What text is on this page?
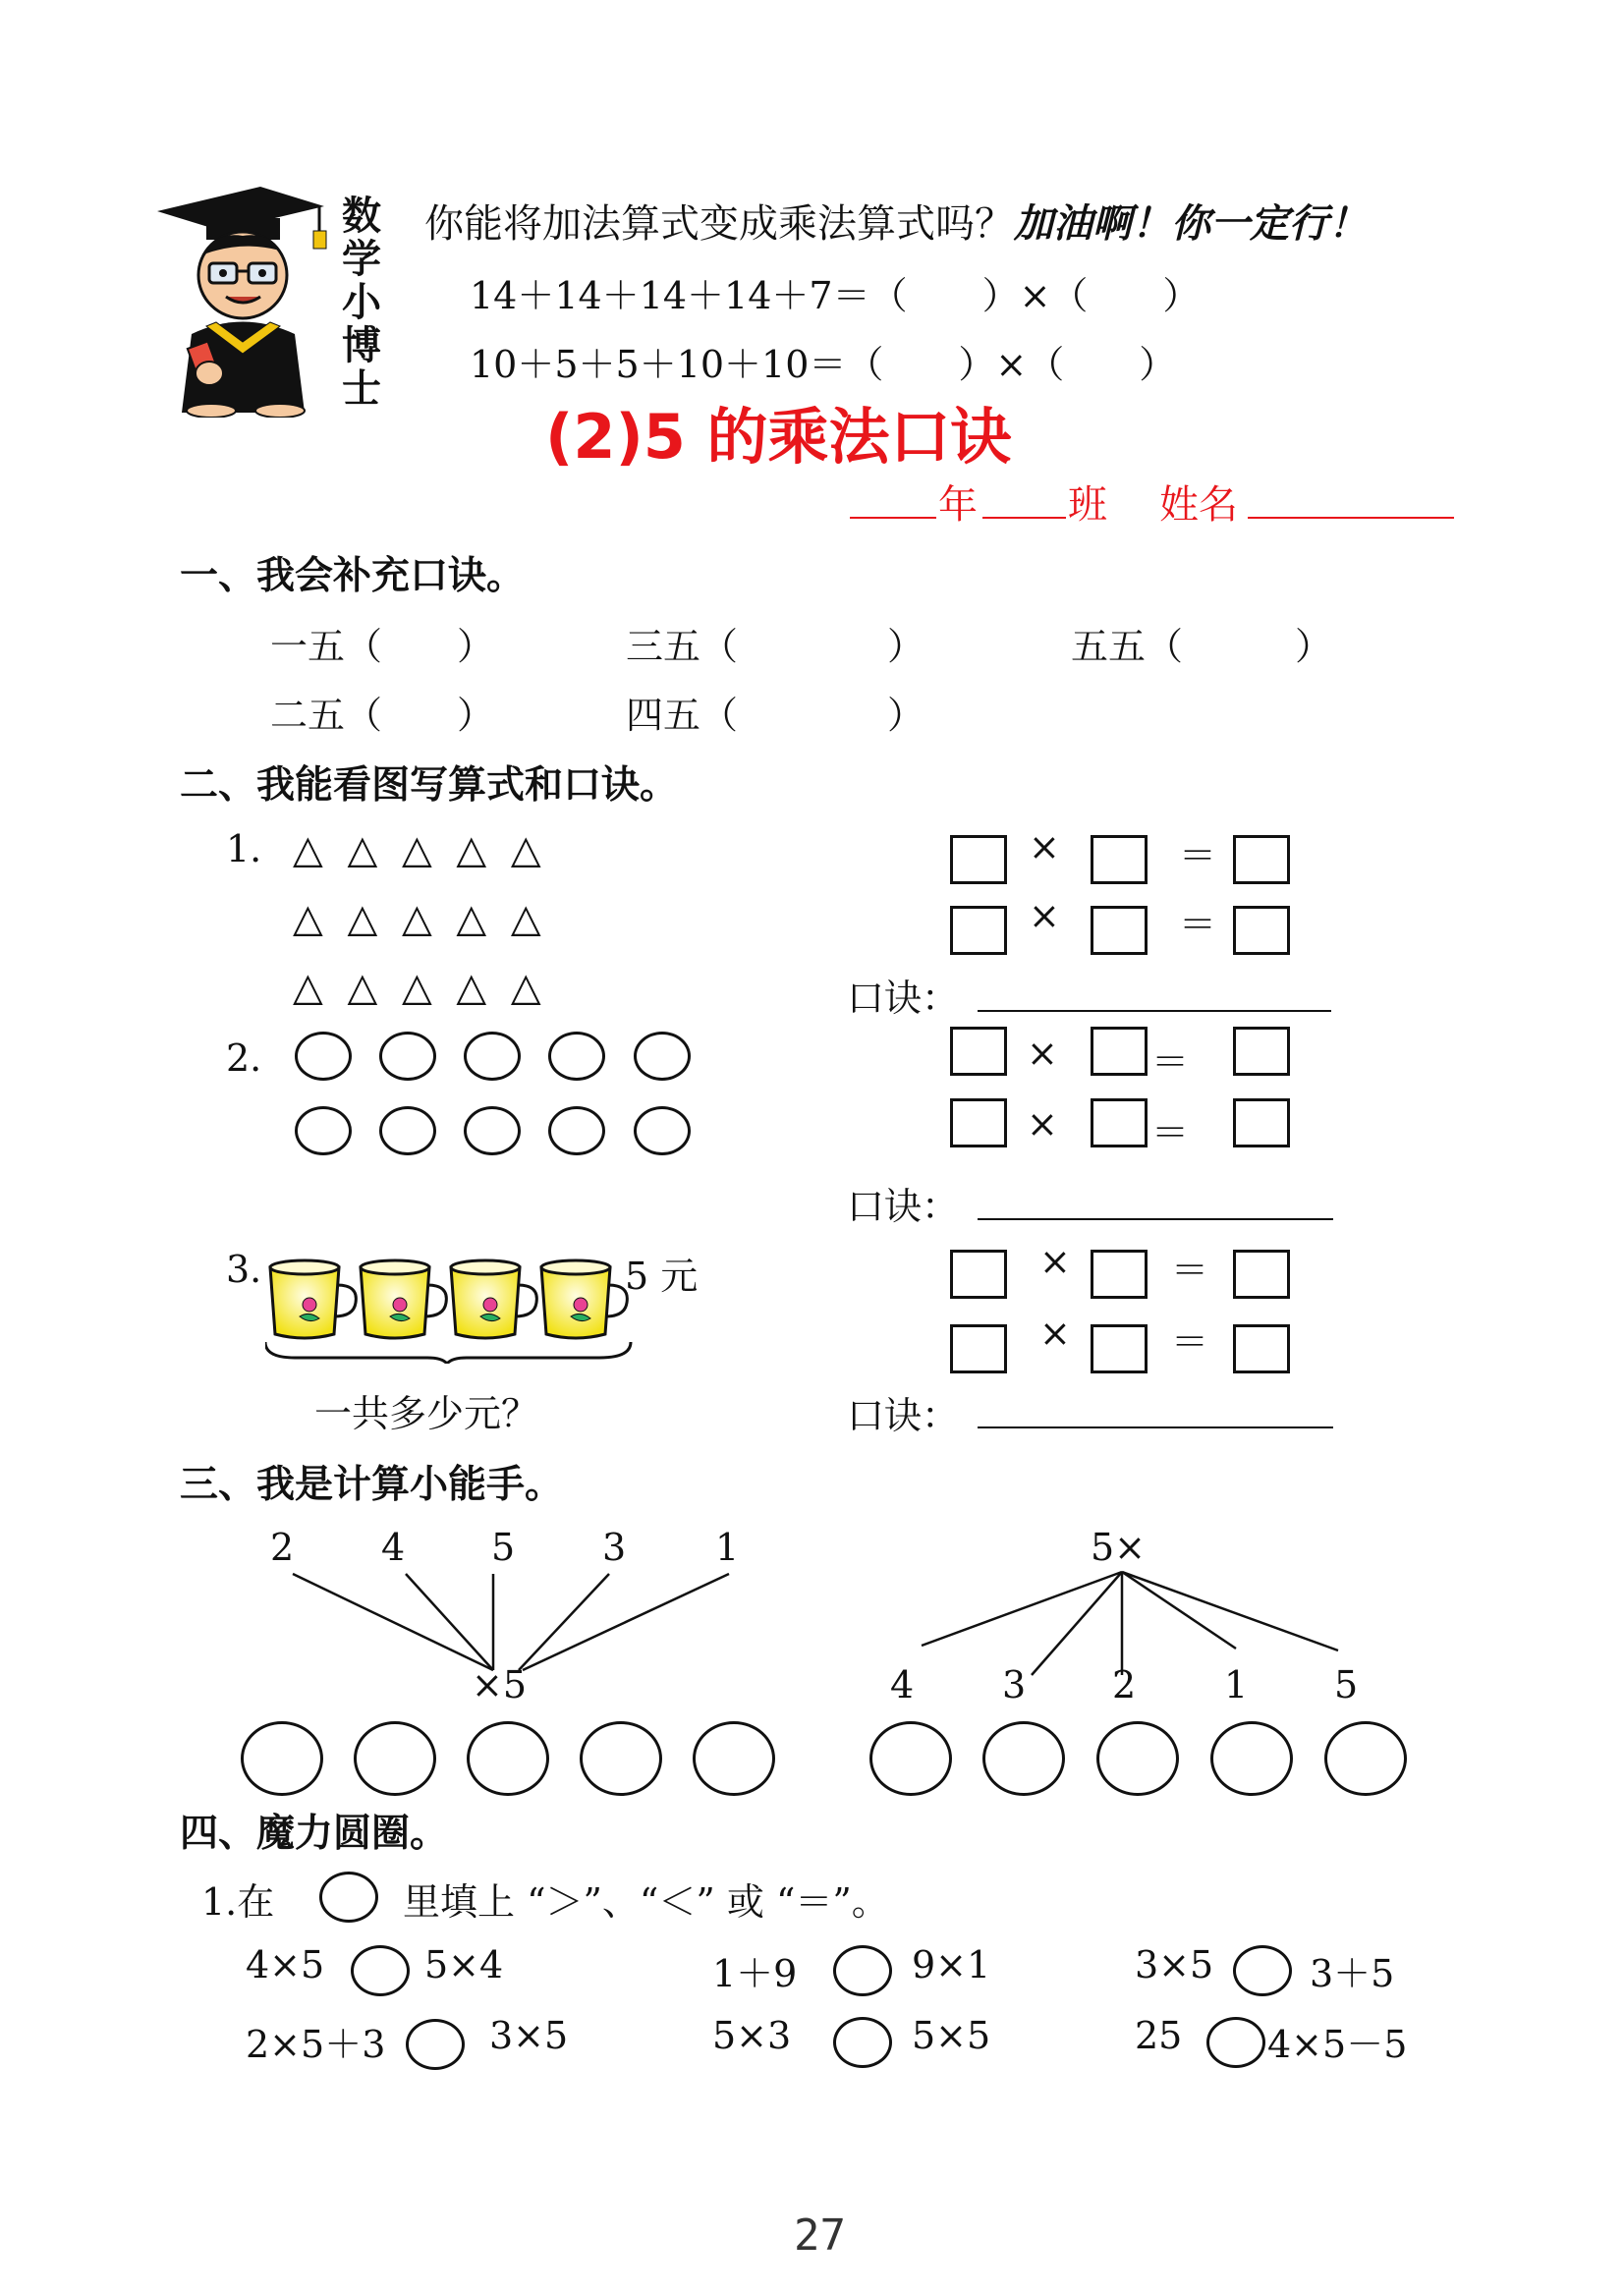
数学小博士
你能将加法算式变成乘法算式吗？加油啊！你一定行！
14＋14＋14＋14＋7＝（　　）×（　　）
10＋5＋5＋10＋10＝（　　）×（　　）
(2)5 的乘法口诀
年 班 姓名
一、我会补充口诀。
一五（　　）	三五（　　　　）	五五（　　　）
二五（　　）	四五（　　　　）
二、我能看图写算式和口诀。
1. △ △ △ △ △
△ △ △ △ △
△ △ △ △ △
×	＝
×	＝
口诀：
2.	×	＝
×	＝
口诀：
3.	5 元
一共多少元？
×	＝
×	＝
口诀：
三、我是计算小能手。
2 4 5 3 1
×5
5×
4 3 2 1 5
四、魔力圆圈。
1.在	里填上 “＞”、“＜” 或 “＝”。
4×5	5×4	1＋9	9×1	3×5	3＋5
2×5＋3	3×5	5×3	5×5	25 4×5－5
27
